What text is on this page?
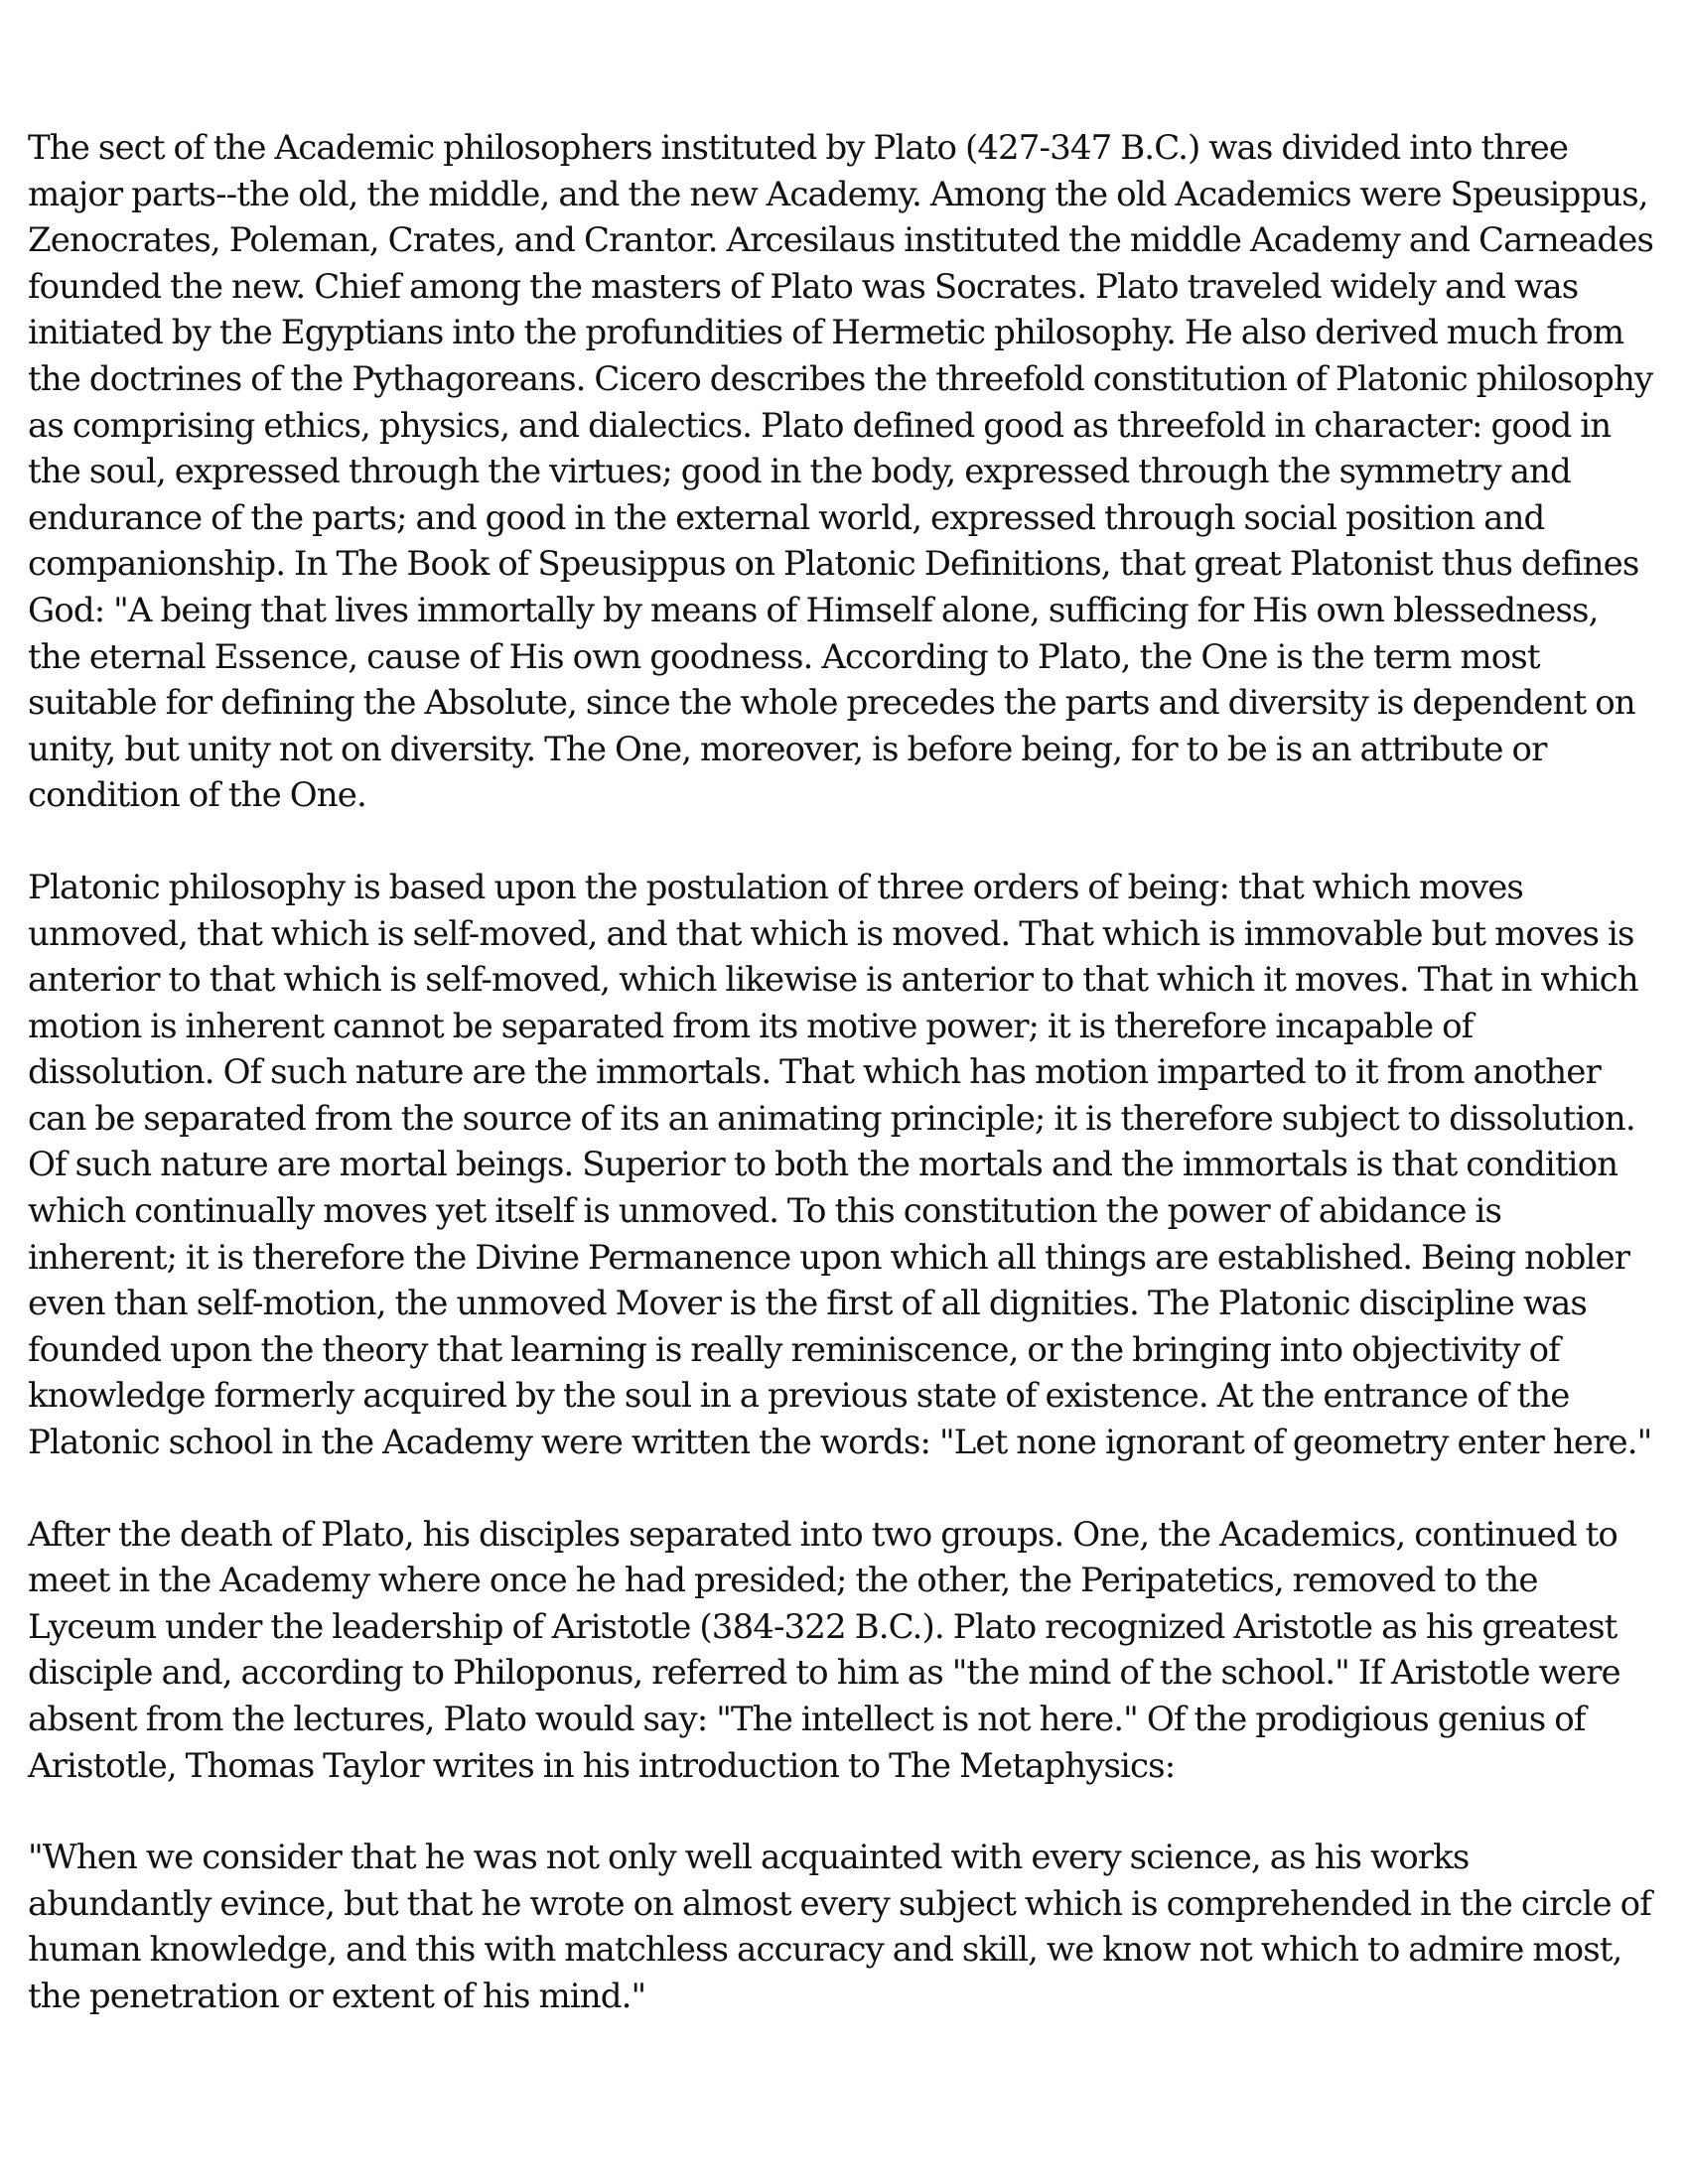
The sect of the Academic philosophers instituted by Plato (427-347 B.C.) was divided into three major parts--the old, the middle, and the new Academy. Among the old Academics were Speusippus, Zenocrates, Poleman, Crates, and Crantor. Arcesilaus instituted the middle Academy and Carneades founded the new. Chief among the masters of Plato was Socrates. Plato traveled widely and was initiated by the Egyptians into the profundities of Hermetic philosophy. He also derived much from the doctrines of the Pythagoreans. Cicero describes the threefold constitution of Platonic philosophy as comprising ethics, physics, and dialectics. Plato defined good as threefold in character: good in the soul, expressed through the virtues; good in the body, expressed through the symmetry and endurance of the parts; and good in the external world, expressed through social position and companionship. In The Book of Speusippus on Platonic Definitions, that great Platonist thus defines God: "A being that lives immortally by means of Himself alone, sufficing for His own blessedness, the eternal Essence, cause of His own goodness. According to Plato, the One is the term most suitable for defining the Absolute, since the whole precedes the parts and diversity is dependent on unity, but unity not on diversity. The One, moreover, is before being, for to be is an attribute or condition of the One.

Platonic philosophy is based upon the postulation of three orders of being: that which moves unmoved, that which is self-moved, and that which is moved. That which is immovable but moves is anterior to that which is self-moved, which likewise is anterior to that which it moves. That in which motion is inherent cannot be separated from its motive power; it is therefore incapable of dissolution. Of such nature are the immortals. That which has motion imparted to it from another can be separated from the source of its an animating principle; it is therefore subject to dissolution. Of such nature are mortal beings. Superior to both the mortals and the immortals is that condition which continually moves yet itself is unmoved. To this constitution the power of abidance is inherent; it is therefore the Divine Permanence upon which all things are established. Being nobler even than self-motion, the unmoved Mover is the first of all dignities. The Platonic discipline was founded upon the theory that learning is really reminiscence, or the bringing into objectivity of knowledge formerly acquired by the soul in a previous state of existence. At the entrance of the Platonic school in the Academy were written the words: "Let none ignorant of geometry enter here."

After the death of Plato, his disciples separated into two groups. One, the Academics, continued to meet in the Academy where once he had presided; the other, the Peripatetics, removed to the Lyceum under the leadership of Aristotle (384-322 B.C.). Plato recognized Aristotle as his greatest disciple and, according to Philoponus, referred to him as "the mind of the school." If Aristotle were absent from the lectures, Plato would say: "The intellect is not here." Of the prodigious genius of Aristotle, Thomas Taylor writes in his introduction to The Metaphysics:

"When we consider that he was not only well acquainted with every science, as his works abundantly evince, but that he wrote on almost every subject which is comprehended in the circle of human knowledge, and this with matchless accuracy and skill, we know not which to admire most, the penetration or extent of his mind."
